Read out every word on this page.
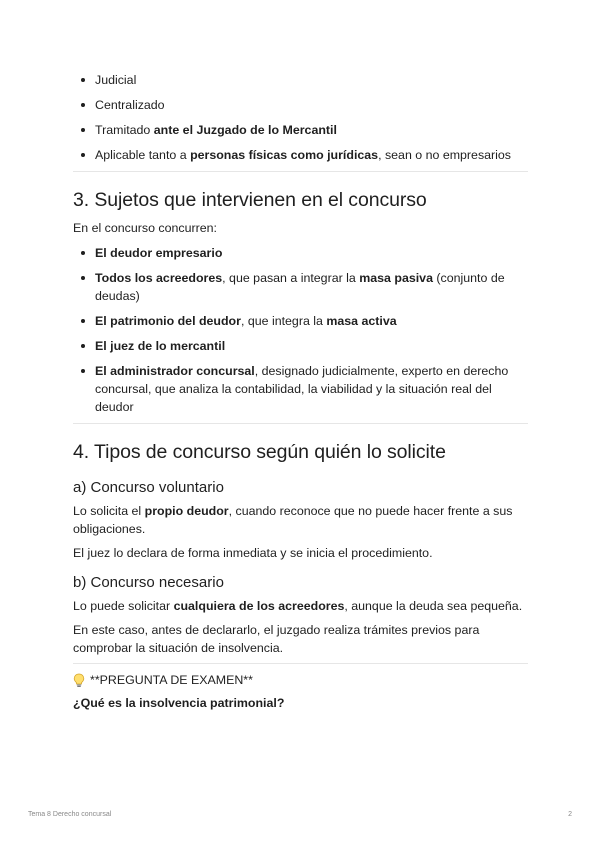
Judicial
Centralizado
Tramitado ante el Juzgado de lo Mercantil
Aplicable tanto a personas físicas como jurídicas, sean o no empresarios
3. Sujetos que intervienen en el concurso

En el concurso concurren:

El deudor empresario
Todos los acreedores, que pasan a integrar la masa pasiva (conjunto de deudas)
El patrimonio del deudor, que integra la masa activa
El juez de lo mercantil
El administrador concursal, designado judicialmente, experto en derecho concursal, que analiza la contabilidad, la viabilidad y la situación real del deudor
4. Tipos de concurso según quién lo solicite
a) Concurso voluntario

Lo solicita el propio deudor, cuando reconoce que no puede hacer frente a sus obligaciones.

El juez lo declara de forma inmediata y se inicia el procedimiento.

b) Concurso necesario

Lo puede solicitar cualquiera de los acreedores, aunque la deuda sea pequeña.

En este caso, antes de declararlo, el juzgado realiza trámites previos para comprobar la situación de insolvencia.

**PREGUNTA DE EXAMEN**

¿Qué es la insolvencia patrimonial?

Tema 8 Derecho concursal	2
